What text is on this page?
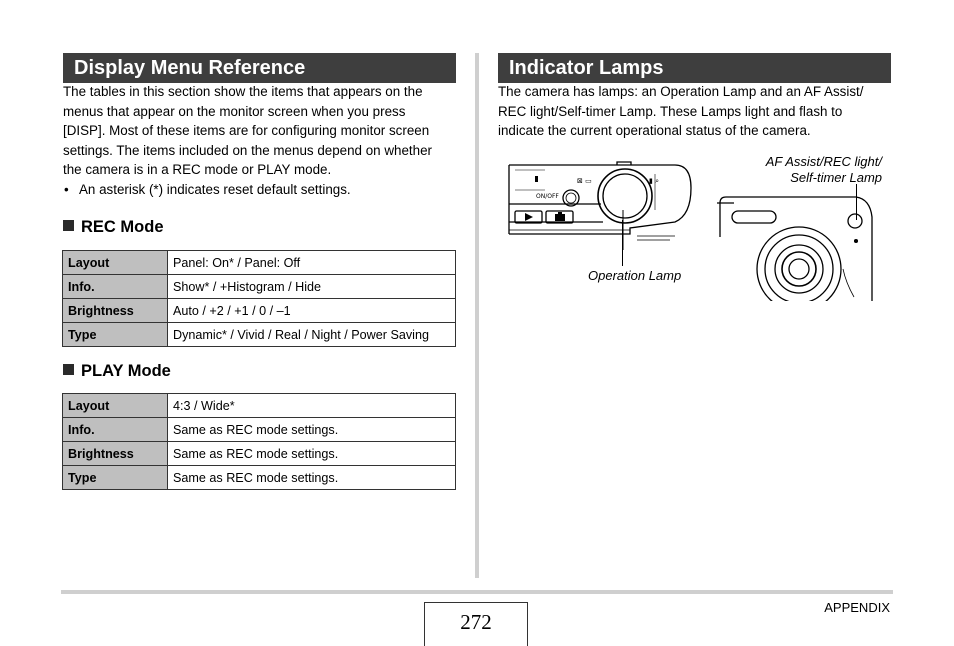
Display Menu Reference

The tables in this section show the items that appears on the
menus that appear on the monitor screen when you press
[DISP]. Most of these items are for configuring monitor screen
settings. The items included on the menus depend on whether
the camera is in a REC mode or PLAY mode.

• An asterisk (*) indicates reset default settings.
REC Mode
Layout	Panel: On* / Panel: Off
Info.	Show* / +Histogram / Hide
Brightness	Auto / +2 / +1 / 0 / –1
Type	Dynamic* / Vivid / Real / Night / Power Saving
PLAY Mode
Layout	4:3 / Wide*
Info.	Same as REC mode settings.
Brightness	Same as REC mode settings.
Type	Same as REC mode settings.
Indicator Lamps

The camera has lamps: an Operation Lamp and an AF Assist/
REC light/Self-timer Lamp. These Lamps light and flash to
indicate the current operational status of the camera.

⊠ ▭	▮ ⌕
ON/OFF
Operation Lamp
AF Assist/REC light/
Self-timer Lamp
272
APPENDIX
